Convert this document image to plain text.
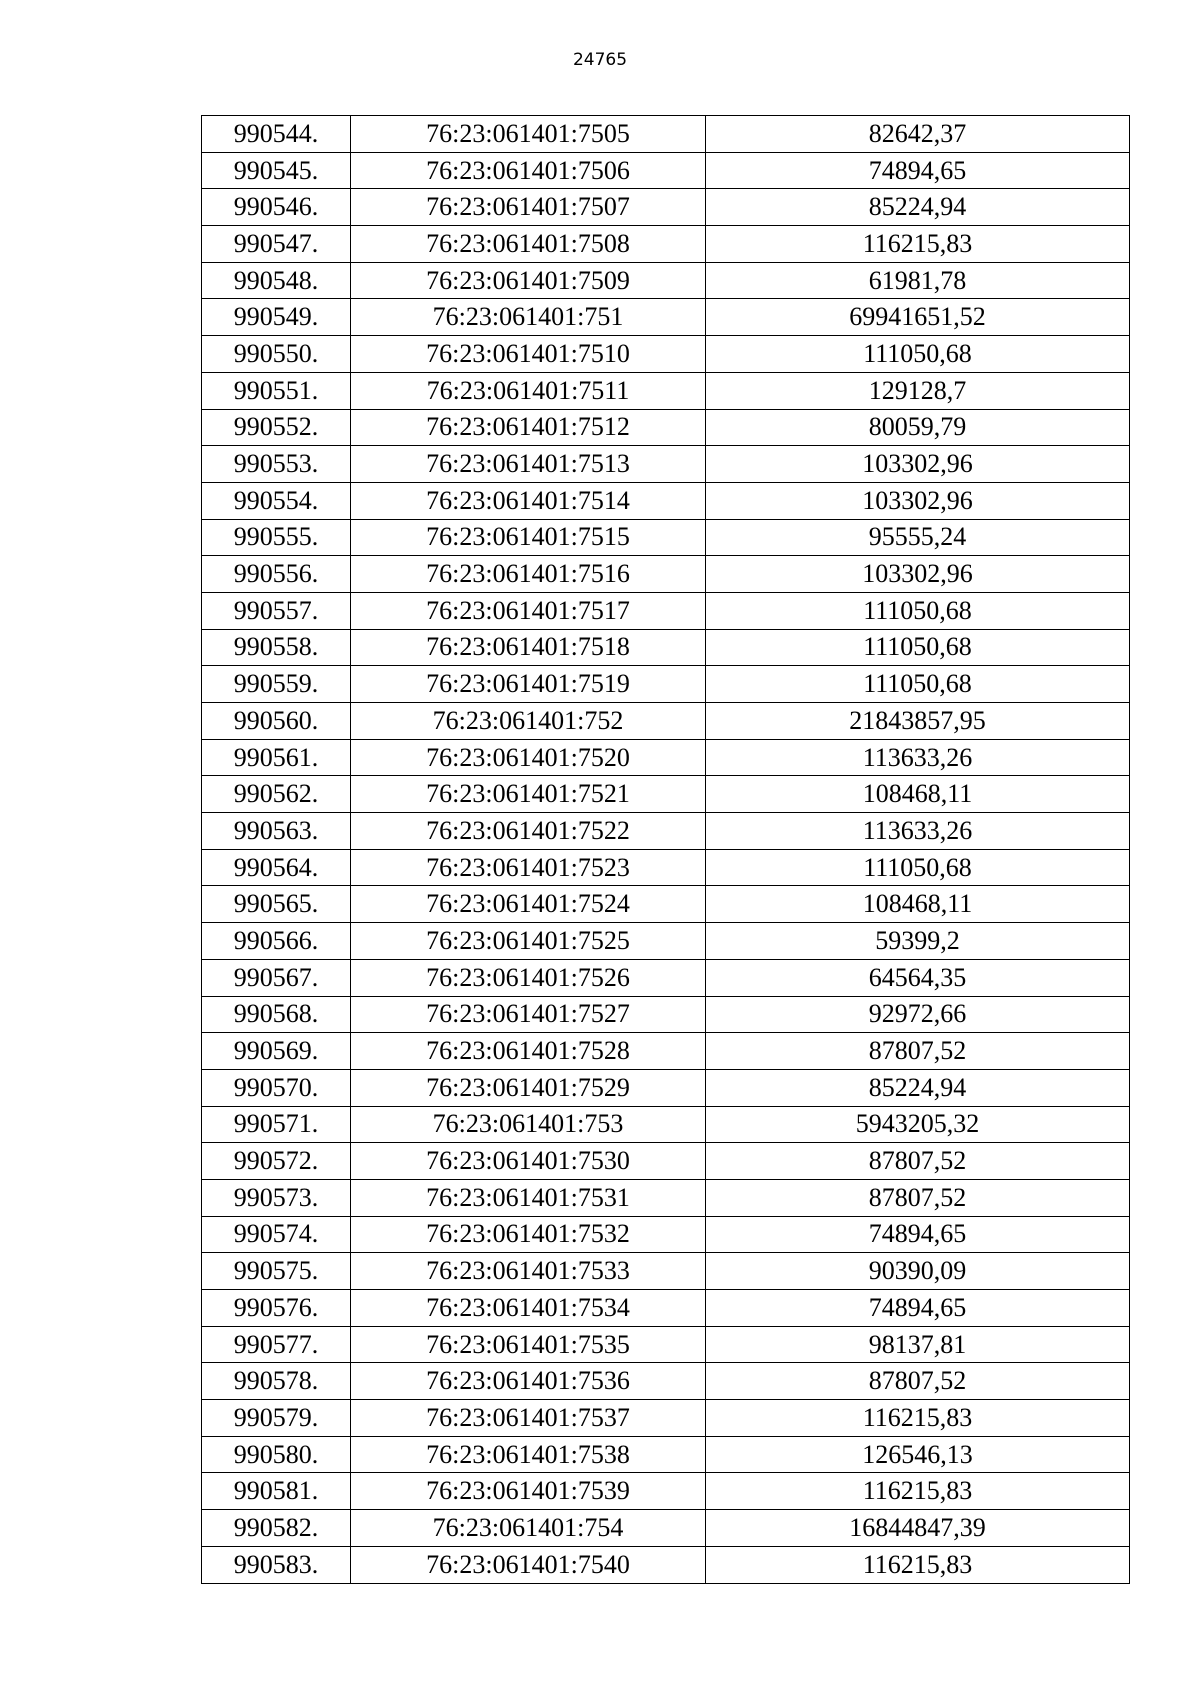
24765
990544.	76:23:061401:7505	82642,37
990545.	76:23:061401:7506	74894,65
990546.	76:23:061401:7507	85224,94
990547.	76:23:061401:7508	116215,83
990548.	76:23:061401:7509	61981,78
990549.	76:23:061401:751	69941651,52
990550.	76:23:061401:7510	111050,68
990551.	76:23:061401:7511	129128,7
990552.	76:23:061401:7512	80059,79
990553.	76:23:061401:7513	103302,96
990554.	76:23:061401:7514	103302,96
990555.	76:23:061401:7515	95555,24
990556.	76:23:061401:7516	103302,96
990557.	76:23:061401:7517	111050,68
990558.	76:23:061401:7518	111050,68
990559.	76:23:061401:7519	111050,68
990560.	76:23:061401:752	21843857,95
990561.	76:23:061401:7520	113633,26
990562.	76:23:061401:7521	108468,11
990563.	76:23:061401:7522	113633,26
990564.	76:23:061401:7523	111050,68
990565.	76:23:061401:7524	108468,11
990566.	76:23:061401:7525	59399,2
990567.	76:23:061401:7526	64564,35
990568.	76:23:061401:7527	92972,66
990569.	76:23:061401:7528	87807,52
990570.	76:23:061401:7529	85224,94
990571.	76:23:061401:753	5943205,32
990572.	76:23:061401:7530	87807,52
990573.	76:23:061401:7531	87807,52
990574.	76:23:061401:7532	74894,65
990575.	76:23:061401:7533	90390,09
990576.	76:23:061401:7534	74894,65
990577.	76:23:061401:7535	98137,81
990578.	76:23:061401:7536	87807,52
990579.	76:23:061401:7537	116215,83
990580.	76:23:061401:7538	126546,13
990581.	76:23:061401:7539	116215,83
990582.	76:23:061401:754	16844847,39
990583.	76:23:061401:7540	116215,83
